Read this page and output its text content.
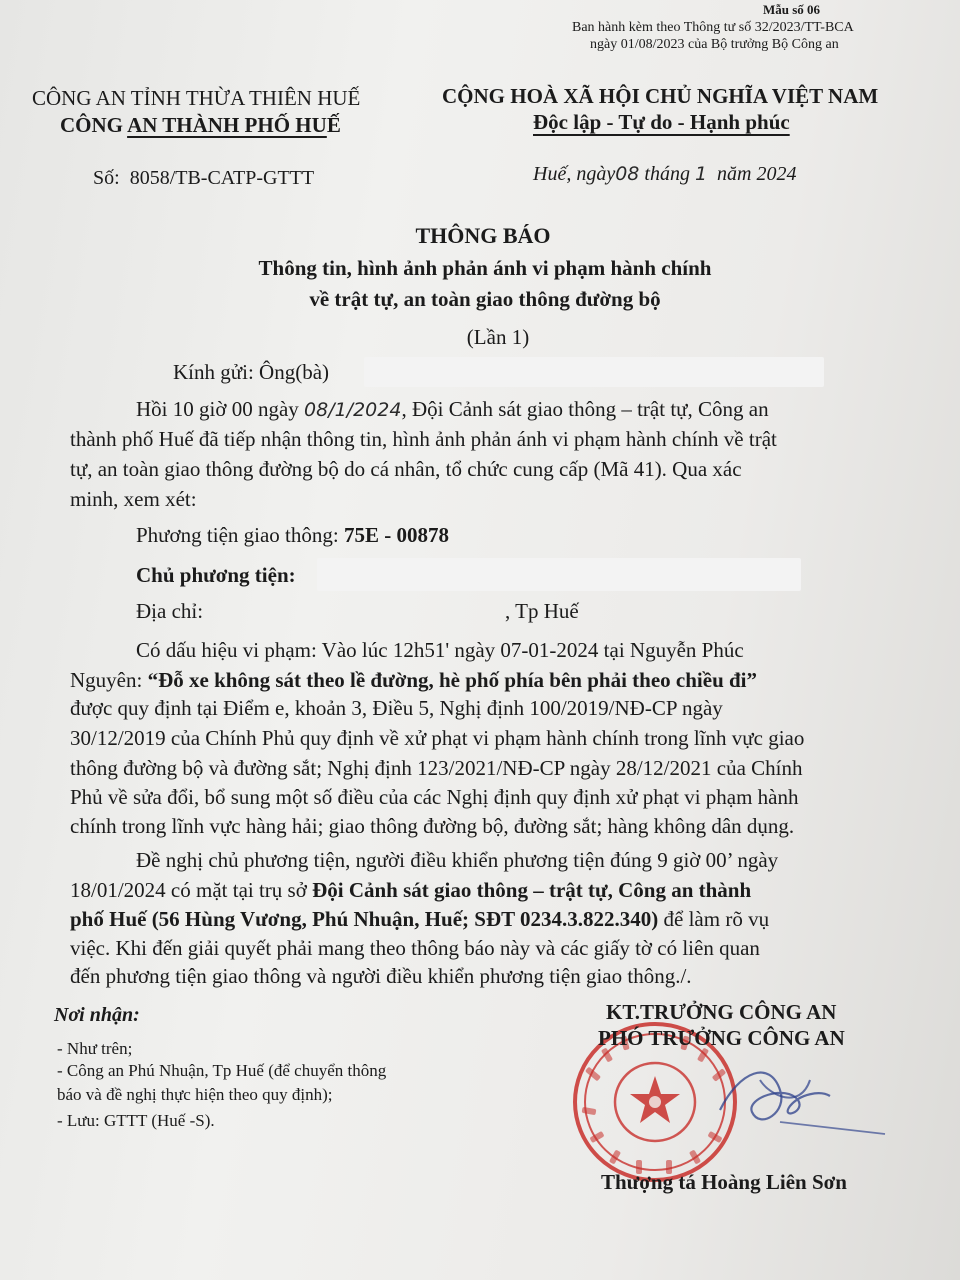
Mẫu số 06
Ban hành kèm theo Thông tư số 32/2023/TT-BCA
ngày 01/08/2023 của Bộ trưởng Bộ Công an
CÔNG AN TỈNH THỪA THIÊN HUẾ
CÔNG AN THÀNH PHỐ HUẾ
CỘNG HOÀ XÃ HỘI CHỦ NGHĨA VIỆT NAM
Độc lập - Tự do - Hạnh phúc
Số: 8058/TB-CATP-GTTT	Huế, ngày08 tháng 1 năm 2024
THÔNG BÁO
Thông tin, hình ảnh phản ánh vi phạm hành chính
về trật tự, an toàn giao thông đường bộ
(Lần 1)
Kính gửi: Ông(bà)
Hồi 10 giờ 00 ngày 08/1/2024, Đội Cảnh sát giao thông – trật tự, Công an
thành phố Huế đã tiếp nhận thông tin, hình ảnh phản ánh vi phạm hành chính về trật
tự, an toàn giao thông đường bộ do cá nhân, tổ chức cung cấp (Mã 41). Qua xác
minh, xem xét:
Phương tiện giao thông: 75E - 00878
Chủ phương tiện:
Địa chỉ:	, Tp Huế
Có dấu hiệu vi phạm: Vào lúc 12h51' ngày 07-01-2024 tại Nguyễn Phúc
Nguyên: “Đỗ xe không sát theo lề đường, hè phố phía bên phải theo chiều đi”
được quy định tại Điểm e, khoản 3, Điều 5, Nghị định 100/2019/NĐ-CP ngày
30/12/2019 của Chính Phủ quy định về xử phạt vi phạm hành chính trong lĩnh vực giao
thông đường bộ và đường sắt; Nghị định 123/2021/NĐ-CP ngày 28/12/2021 của Chính
Phủ về sửa đổi, bổ sung một số điều của các Nghị định quy định xử phạt vi phạm hành
chính trong lĩnh vực hàng hải; giao thông đường bộ, đường sắt; hàng không dân dụng.
Đề nghị chủ phương tiện, người điều khiển phương tiện đúng 9 giờ 00’ ngày
18/01/2024 có mặt tại trụ sở Đội Cảnh sát giao thông – trật tự, Công an thành
phố Huế (56 Hùng Vương, Phú Nhuận, Huế; SĐT 0234.3.822.340) để làm rõ vụ
việc. Khi đến giải quyết phải mang theo thông báo này và các giấy tờ có liên quan
đến phương tiện giao thông và người điều khiển phương tiện giao thông./.
Nơi nhận:
- Như trên;
- Công an Phú Nhuận, Tp Huế (để chuyển thông
báo và đề nghị thực hiện theo quy định);
- Lưu: GTTT (Huế -S).
KT.TRƯỞNG CÔNG AN
PHÓ TRƯỞNG CÔNG AN
Thượng tá Hoàng Liên Sơn
